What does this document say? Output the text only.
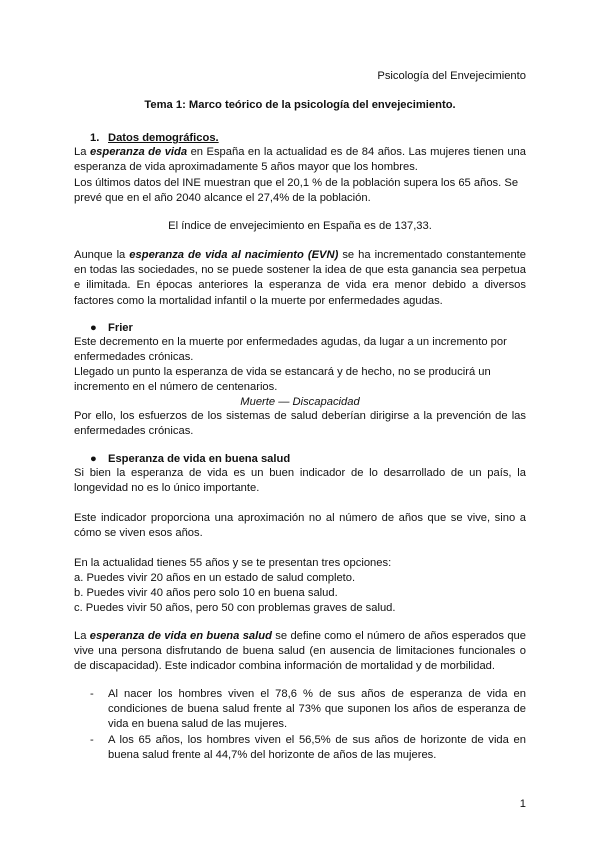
Psicología del Envejecimiento
Tema 1: Marco teórico de la psicología del envejecimiento.
1. Datos demográficos.
La esperanza de vida en España en la actualidad es de 84 años. Las mujeres tienen una esperanza de vida aproximadamente 5 años mayor que los hombres.
Los últimos datos del INE muestran que el 20,1 % de la población supera los 65 años. Se prevé que en el año 2040 alcance el 27,4% de la población.
El índice de envejecimiento en España es de 137,33.
Aunque la esperanza de vida al nacimiento (EVN) se ha incrementado constantemente en todas las sociedades, no se puede sostener la idea de que esta ganancia sea perpetua e ilimitada. En épocas anteriores la esperanza de vida era menor debido a diversos factores como la mortalidad infantil o la muerte por enfermedades agudas.
● Frier
Este decremento en la muerte por enfermedades agudas, da lugar a un incremento por enfermedades crónicas.
Llegado un punto la esperanza de vida se estancará y de hecho, no se producirá un incremento en el número de centenarios.
Muerte — Discapacidad
Por ello, los esfuerzos de los sistemas de salud deberían dirigirse a la prevención de las enfermedades crónicas.
● Esperanza de vida en buena salud
Si bien la esperanza de vida es un buen indicador de lo desarrollado de un país, la longevidad no es lo único importante.
Este indicador proporciona una aproximación no al número de años que se vive, sino a cómo se viven esos años.
En la actualidad tienes 55 años y se te presentan tres opciones:
a. Puedes vivir 20 años en un estado de salud completo.
b. Puedes vivir 40 años pero solo 10 en buena salud.
c. Puedes vivir 50 años, pero 50 con problemas graves de salud.
La esperanza de vida en buena salud se define como el número de años esperados que vive una persona disfrutando de buena salud (en ausencia de limitaciones funcionales o de discapacidad). Este indicador combina información de mortalidad y de morbilidad.
- Al nacer los hombres viven el 78,6 % de sus años de esperanza de vida en condiciones de buena salud frente al 73% que suponen los años de esperanza de vida en buena salud de las mujeres.
- A los 65 años, los hombres viven el 56,5% de sus años de horizonte de vida en buena salud frente al 44,7% del horizonte de años de las mujeres.
1
